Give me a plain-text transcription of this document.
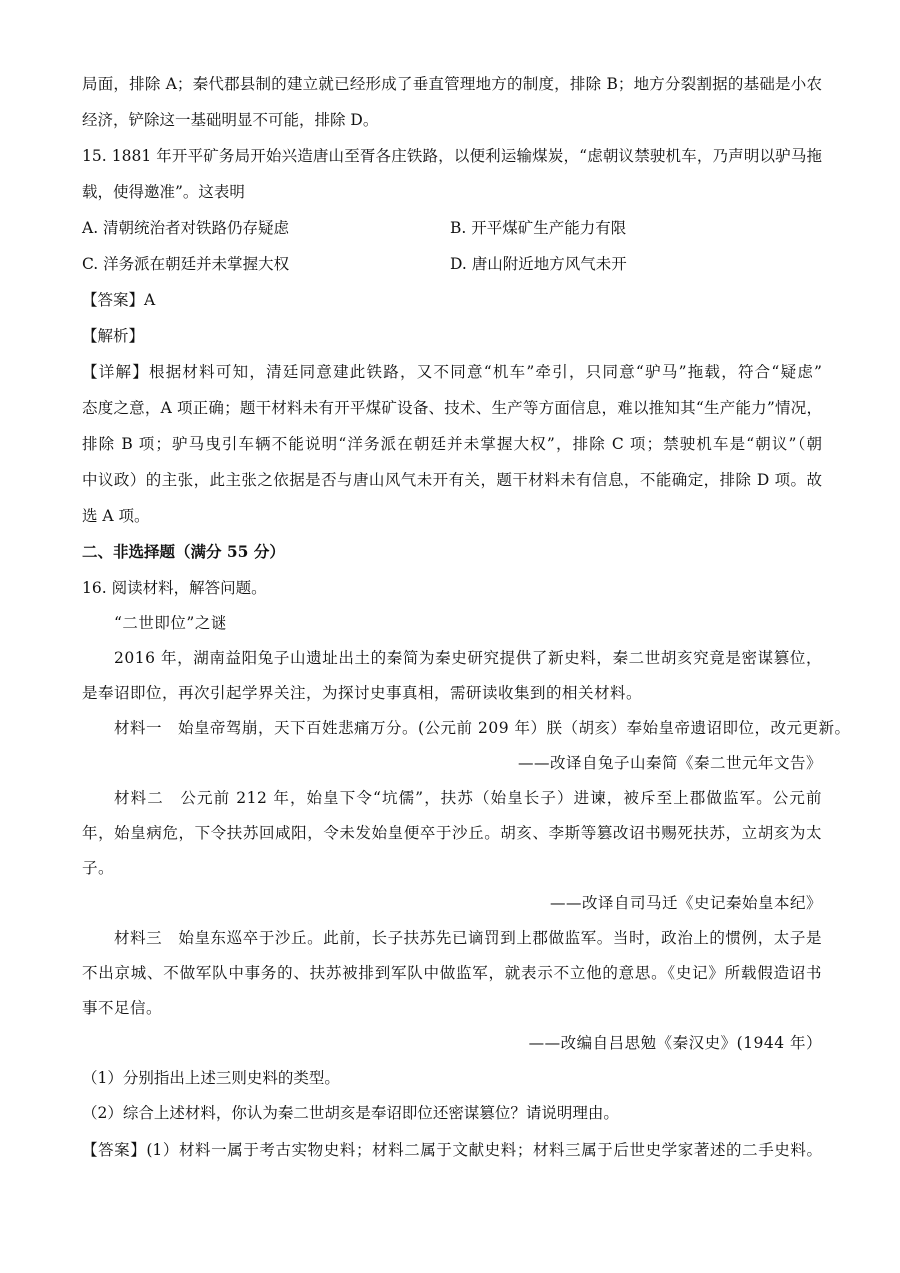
局面，排除 A；秦代郡县制的建立就已经形成了垂直管理地方的制度，排除 B；地方分裂割据的基础是小农
经济，铲除这一基础明显不可能，排除 D。
15. 1881 年开平矿务局开始兴造唐山至胥各庄铁路，以便利运输煤炭，“虑朝议禁驶机车，乃声明以驴马拖
载，使得邀准”。这表明
A. 清朝统治者对铁路仍存疑虑	B. 开平煤矿生产能力有限
C. 洋务派在朝廷并未掌握大权	D. 唐山附近地方风气未开
【答案】A
【解析】
【详解】根据材料可知，清廷同意建此铁路，又不同意“机车”牵引，只同意“驴马”拖载，符合“疑虑”
态度之意，A 项正确；题干材料未有开平煤矿设备、技术、生产等方面信息，难以推知其“生产能力”情况，
排除 B 项；驴马曳引车辆不能说明“洋务派在朝廷并未掌握大权”，排除 C 项；禁驶机车是“朝议”（朝
中议政）的主张，此主张之依据是否与唐山风气未开有关，题干材料未有信息，不能确定，排除 D 项。故
选 A 项。
二、非选择题（满分 55 分）
16. 阅读材料，解答问题。
“二世即位”之谜
2016 年，湖南益阳兔子山遗址出土的秦简为秦史研究提供了新史料，秦二世胡亥究竟是密谋篡位，
是奉诏即位，再次引起学界关注，为探讨史事真相，需研读收集到的相关材料。
材料一　始皇帝驾崩，天下百姓悲痛万分。(公元前 209 年）朕（胡亥）奉始皇帝遗诏即位，改元更新。
——改译自兔子山秦简《秦二世元年文告》
材料二　公元前 212 年，始皇下令“坑儒”，扶苏（始皇长子）进谏，被斥至上郡做监军。公元前
年，始皇病危，下令扶苏回咸阳，令未发始皇便卒于沙丘。胡亥、李斯等篡改诏书赐死扶苏，立胡亥为太
子。
——改译自司马迁《史记秦始皇本纪》
材料三　始皇东巡卒于沙丘。此前，长子扶苏先已谪罚到上郡做监军。当时，政治上的惯例，太子是
不出京城、不做军队中事务的、扶苏被排到军队中做监军，就表示不立他的意思。《史记》所载假造诏书
事不足信。
——改编自吕思勉《秦汉史》(1944 年）
（1）分别指出上述三则史料的类型。
（2）综合上述材料，你认为秦二世胡亥是奉诏即位还密谋篡位？请说明理由。
【答案】(1）材料一属于考古实物史料；材料二属于文献史料；材料三属于后世史学家著述的二手史料。
